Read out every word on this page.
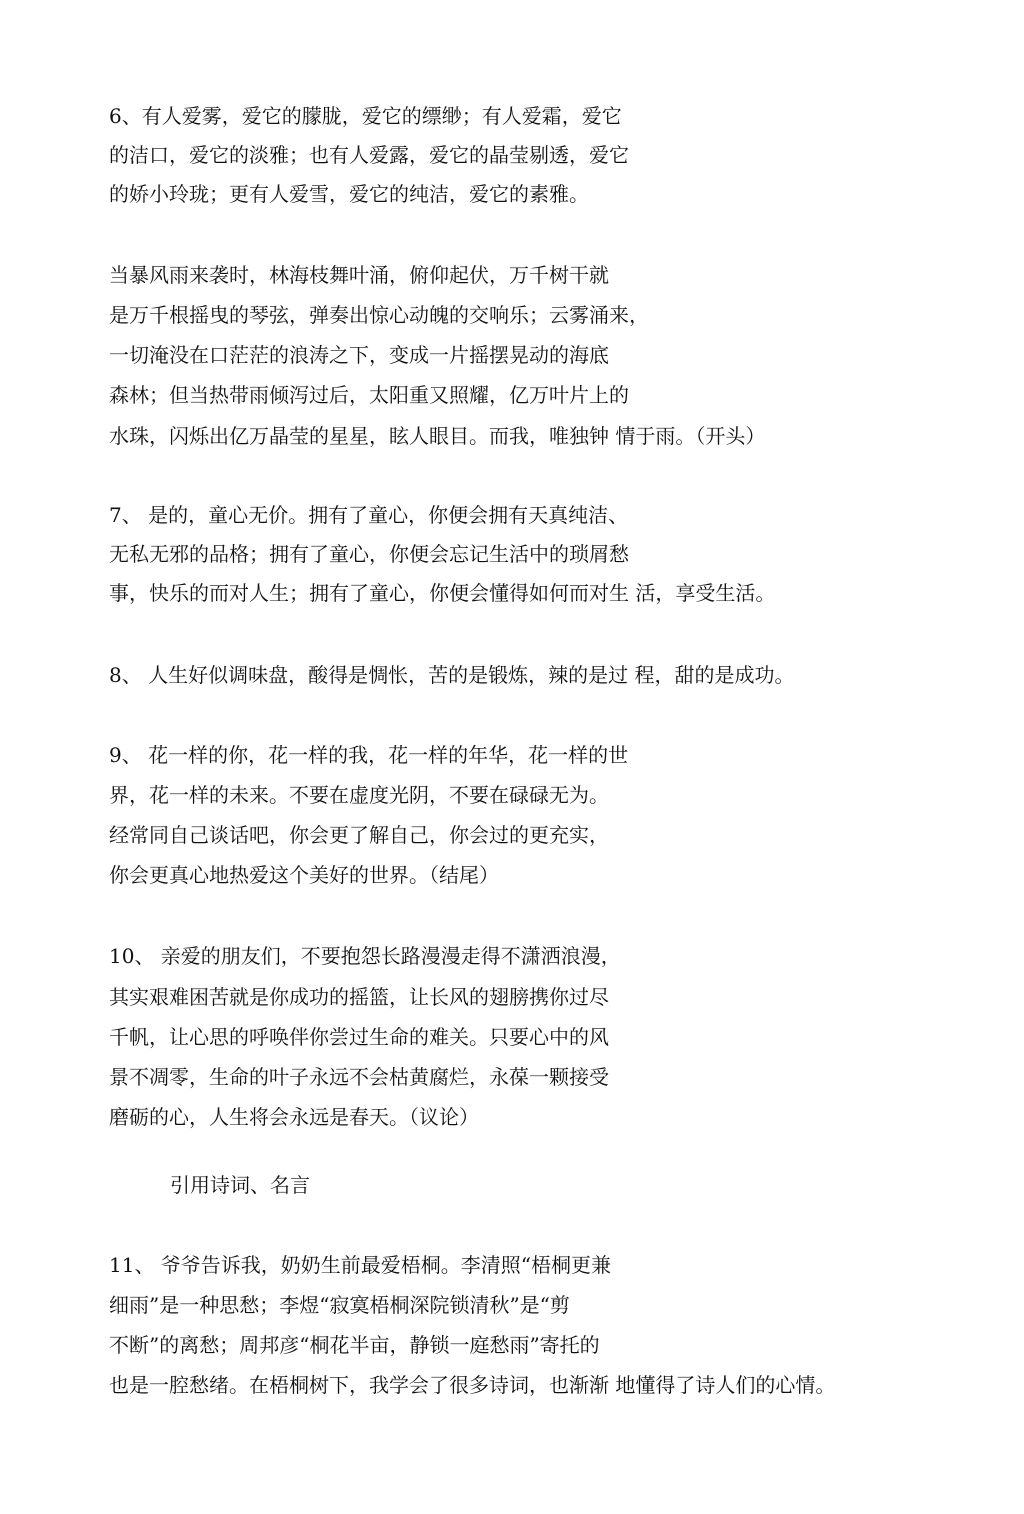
6、有人爱雾，爱它的朦胧，爱它的缥缈；有人爱霜，爱它
的洁口，爱它的淡雅；也有人爱露，爱它的晶莹剔透，爱它
的娇小玲珑；更有人爱雪，爱它的纯洁，爱它的素雅。
当暴风雨来袭时，林海枝舞叶涌，俯仰起伏，万千树干就
是万千根摇曳的琴弦，弹奏出惊心动魄的交响乐；云雾涌来，
一切淹没在口茫茫的浪涛之下，变成一片摇摆晃动的海底
森林；但当热带雨倾泻过后，太阳重又照耀，亿万叶片上的
水珠，闪烁出亿万晶莹的星星，眩人眼目。而我，唯独钟 情于雨。（开头）
7、 是的，童心无价。拥有了童心，你便会拥有天真纯洁、
无私无邪的品格；拥有了童心，你便会忘记生活中的琐屑愁
事，快乐的而对人生；拥有了童心，你便会懂得如何而对生 活，享受生活。
8、 人生好似调味盘，酸得是惆怅，苦的是锻炼，辣的是过 程，甜的是成功。
9、 花一样的你，花一样的我，花一样的年华，花一样的世
界，花一样的未来。不要在虚度光阴，不要在碌碌无为。
经常同自己谈话吧，你会更了解自己，你会过的更充实，
你会更真心地热爱这个美好的世界。（结尾）
10、 亲爱的朋友们，不要抱怨长路漫漫走得不潇洒浪漫，
其实艰难困苦就是你成功的摇篮，让长风的翅膀携你过尽
千帆，让心思的呼唤伴你尝过生命的难关。只要心中的风
景不凋零，生命的叶子永远不会枯黄腐烂，永葆一颗接受
磨砺的心，人生将会永远是春天。（议论）
引用诗词、名言
11、 爷爷告诉我，奶奶生前最爱梧桐。李清照“梧桐更兼
细雨”是一种思愁；李煜“寂寞梧桐深院锁清秋”是“剪
不断”的离愁；周邦彦“桐花半亩，静锁一庭愁雨”寄托的
也是一腔愁绪。在梧桐树下，我学会了很多诗词，也渐渐 地懂得了诗人们的心情。
